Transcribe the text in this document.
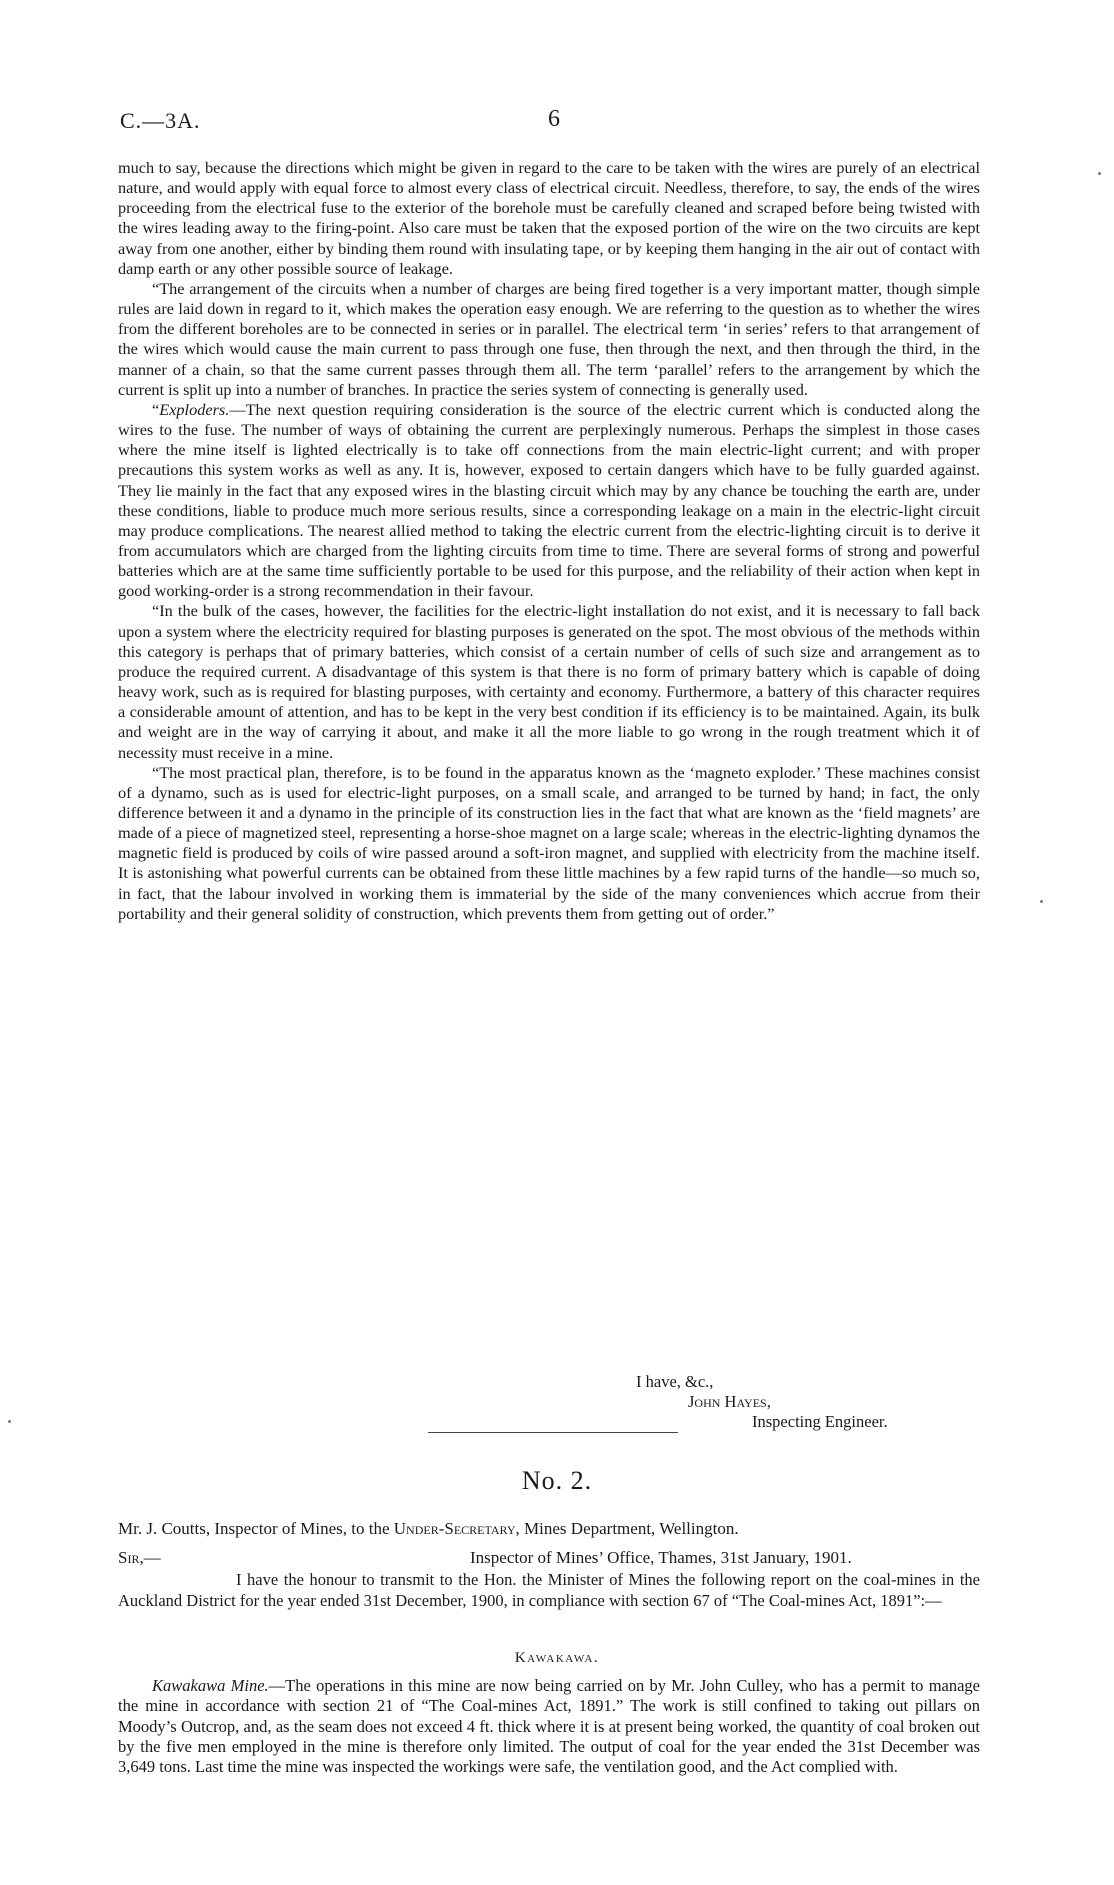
C.—3A.	6

much to say, because the directions which might be given in regard to the care to be taken with the wires are purely of an electrical nature, and would apply with equal force to almost every class of electrical circuit. Needless, therefore, to say, the ends of the wires proceeding from the electrical fuse to the exterior of the borehole must be carefully cleaned and scraped before being twisted with the wires leading away to the firing-point. Also care must be taken that the exposed portion of the wire on the two circuits are kept away from one another, either by binding them round with insulating tape, or by keeping them hanging in the air out of contact with damp earth or any other possible source of leakage.

“The arrangement of the circuits when a number of charges are being fired together is a very important matter, though simple rules are laid down in regard to it, which makes the operation easy enough. We are referring to the question as to whether the wires from the different boreholes are to be connected in series or in parallel. The electrical term ‘in series’ refers to that arrangement of the wires which would cause the main current to pass through one fuse, then through the next, and then through the third, in the manner of a chain, so that the same current passes through them all. The term ‘parallel’ refers to the arrangement by which the current is split up into a number of branches. In practice the series system of connecting is generally used.

“Exploders.—The next question requiring consideration is the source of the electric current which is conducted along the wires to the fuse. The number of ways of obtaining the current are perplexingly numerous. Perhaps the simplest in those cases where the mine itself is lighted electrically is to take off connections from the main electric-light current; and with proper precautions this system works as well as any. It is, however, exposed to certain dangers which have to be fully guarded against. They lie mainly in the fact that any exposed wires in the blasting circuit which may by any chance be touching the earth are, under these conditions, liable to produce much more serious results, since a corresponding leakage on a main in the electric-light circuit may produce complications. The nearest allied method to taking the electric current from the electric-lighting circuit is to derive it from accumulators which are charged from the lighting circuits from time to time. There are several forms of strong and powerful batteries which are at the same time sufficiently portable to be used for this purpose, and the reliability of their action when kept in good working-order is a strong recommendation in their favour.

“In the bulk of the cases, however, the facilities for the electric-light installation do not exist, and it is necessary to fall back upon a system where the electricity required for blasting purposes is generated on the spot. The most obvious of the methods within this category is perhaps that of primary batteries, which consist of a certain number of cells of such size and arrangement as to produce the required current. A disadvantage of this system is that there is no form of primary battery which is capable of doing heavy work, such as is required for blasting purposes, with certainty and economy. Furthermore, a battery of this character requires a considerable amount of attention, and has to be kept in the very best condition if its efficiency is to be maintained. Again, its bulk and weight are in the way of carrying it about, and make it all the more liable to go wrong in the rough treatment which it of necessity must receive in a mine.

“The most practical plan, therefore, is to be found in the apparatus known as the ‘magneto exploder.’ These machines consist of a dynamo, such as is used for electric-light purposes, on a small scale, and arranged to be turned by hand; in fact, the only difference between it and a dynamo in the principle of its construction lies in the fact that what are known as the ‘field magnets’ are made of a piece of magnetized steel, representing a horse-shoe magnet on a large scale; whereas in the electric-lighting dynamos the magnetic field is produced by coils of wire passed around a soft-iron magnet, and supplied with electricity from the machine itself. It is astonishing what powerful currents can be obtained from these little machines by a few rapid turns of the handle—so much so, in fact, that the labour involved in working them is immaterial by the side of the many conveniences which accrue from their portability and their general solidity of construction, which prevents them from getting out of order.”

I have, &c.,
John Hayes,
Inspecting Engineer.
No. 2.
Mr. J. Coutts, Inspector of Mines, to the Under-Secretary, Mines Department, Wellington.
Sir,—	Inspector of Mines’ Office, Thames, 31st January, 1901.

I have the honour to transmit to the Hon. the Minister of Mines the following report on the coal-mines in the Auckland District for the year ended 31st December, 1900, in compliance with section 67 of “The Coal-mines Act, 1891”:—

Kawakawa.

Kawakawa Mine.—The operations in this mine are now being carried on by Mr. John Culley, who has a permit to manage the mine in accordance with section 21 of “The Coal-mines Act, 1891.” The work is still confined to taking out pillars on Moody’s Outcrop, and, as the seam does not exceed 4 ft. thick where it is at present being worked, the quantity of coal broken out by the five men employed in the mine is therefore only limited. The output of coal for the year ended the 31st December was 3,649 tons. Last time the mine was inspected the workings were safe, the ventilation good, and the Act complied with.
